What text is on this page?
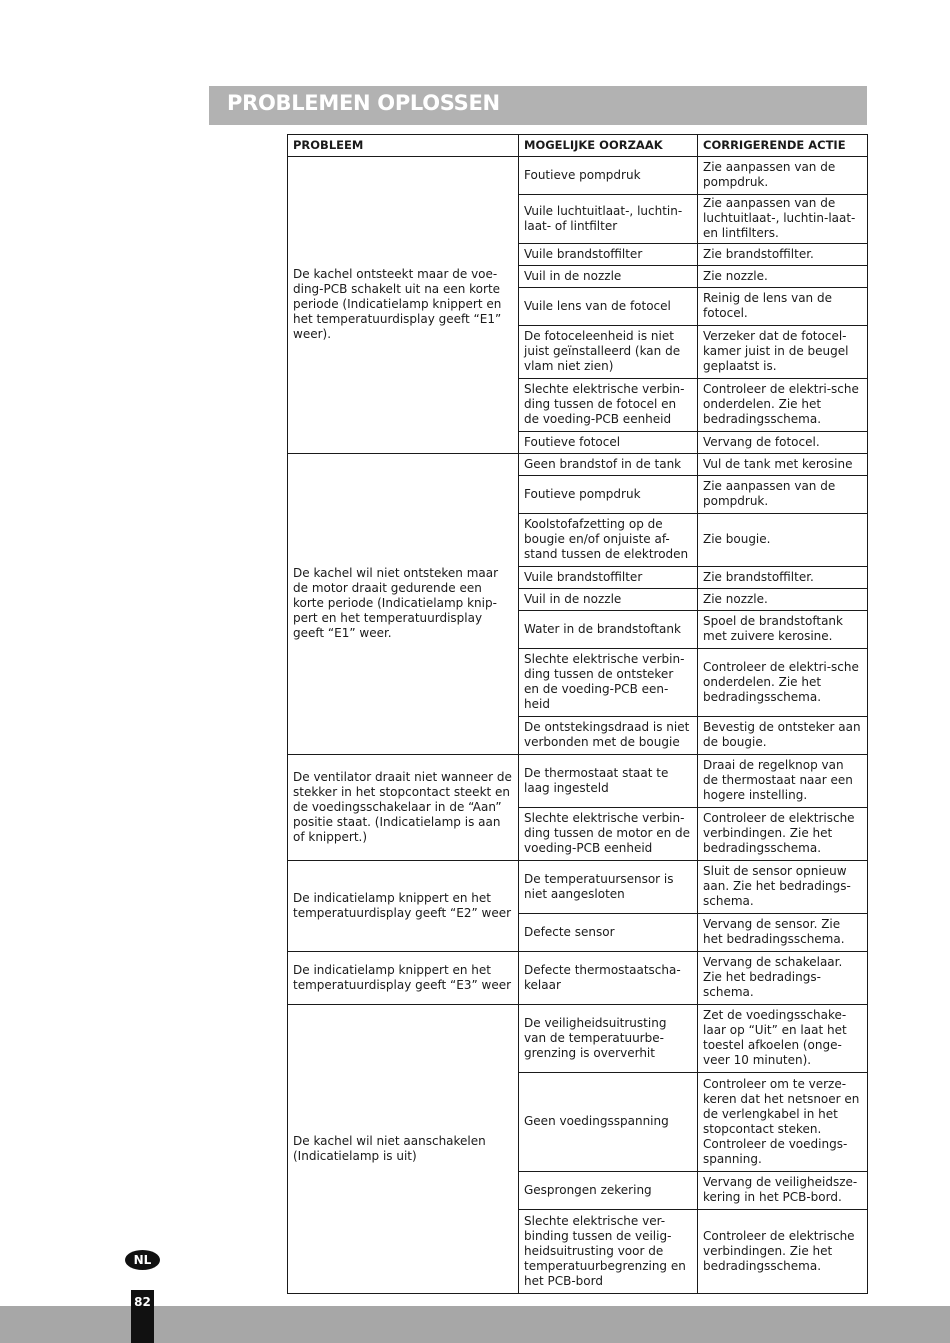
PROBLEMEN OPLOSSEN
PROBLEEM	MOGELIJKE OORZAAK	CORRIGERENDE ACTIE
De kachel ontsteekt maar de voe-ding-PCB schakelt uit na een korte periode (Indicatielamp knippert en het temperatuurdisplay geeft “E1” weer).	Foutieve pompdruk	Zie aanpassen van de pompdruk.
	Vuile luchtuitlaat-, luchtin-laat- of lintfilter	Zie aanpassen van de luchtuitlaat-, luchtin-laat- en lintfilters.
	Vuile brandstoffilter	Zie brandstoffilter.
	Vuil in de nozzle	Zie nozzle.
	Vuile lens van de fotocel	Reinig de lens van de fotocel.
	De fotoceleenheid is niet juist geïnstalleerd (kan de vlam niet zien)	Verzeker dat de fotocel-kamer juist in de beugel geplaatst is.
	Slechte elektrische verbin-ding tussen de fotocel en de voeding-PCB eenheid	Controleer de elektri-sche onderdelen. Zie het bedradingsschema.
	Foutieve fotocel	Vervang de fotocel.
De kachel wil niet ontsteken maar de motor draait gedurende een korte periode (Indicatielamp knip-pert en het temperatuurdisplay geeft “E1” weer.	Geen brandstof in de tank	Vul de tank met kerosine
	Foutieve pompdruk	Zie aanpassen van de pompdruk.
	Koolstofafzetting op de bougie en/of onjuiste af-stand tussen de elektroden	Zie bougie.
	Vuile brandstoffilter	Zie brandstoffilter.
	Vuil in de nozzle	Zie nozzle.
	Water in de brandstoftank	Spoel de brandstoftank met zuivere kerosine.
	Slechte elektrische verbin-ding tussen de ontsteker en de voeding-PCB een-heid	Controleer de elektri-sche onderdelen. Zie het bedradingsschema.
	De ontstekingsdraad is niet verbonden met de bougie	Bevestig de ontsteker aan de bougie.
De ventilator draait niet wanneer de stekker in het stopcontact steekt en de voedingsschakelaar in de “Aan” positie staat. (Indicatielamp is aan of knippert.)	De thermostaat staat te laag ingesteld	Draai de regelknop van de thermostaat naar een hogere instelling.
	Slechte elektrische verbin-ding tussen de motor en de voeding-PCB eenheid	Controleer de elektrische verbindingen. Zie het bedradingsschema.
De indicatielamp knippert en het temperatuurdisplay geeft “E2” weer	De temperatuursensor is niet aangesloten	Sluit de sensor opnieuw aan. Zie het bedradings-schema.
	Defecte sensor	Vervang de sensor. Zie het bedradingsschema.
De indicatielamp knippert en het temperatuurdisplay geeft “E3” weer	Defecte thermostaatscha-kelaar	Vervang de schakelaar. Zie het bedradings-schema.
De kachel wil niet aanschakelen (Indicatielamp is uit)	De veiligheidsuitrusting van de temperatuurbe-grenzing is oververhit	Zet de voedingsschake-laar op “Uit” en laat het toestel afkoelen (onge-veer 10 minuten).
	Geen voedingsspanning	Controleer om te verze-keren dat het netsnoer en de verlengkabel in het stopcontact steken. Controleer de voedings-spanning.
	Gesprongen zekering	Vervang de veiligheidsze-kering in het PCB-bord.
	Slechte elektrische ver-binding tussen de veilig-heidsuitrusting voor de temperatuurbegrenzing en het PCB-bord	Controleer de elektrische verbindingen. Zie het bedradingsschema.
NL
82
